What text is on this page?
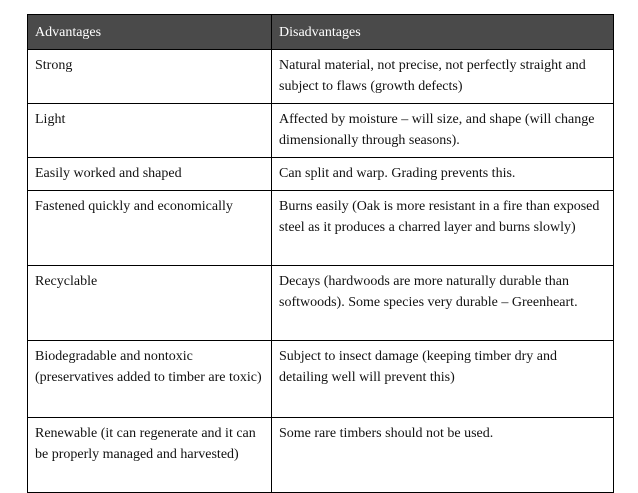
Advantages	Disadvantages
Strong	Natural material, not precise, not perfectly straight and subject to flaws (growth defects)
Light	Affected by moisture – will size, and shape (will change dimensionally through seasons).
Easily worked and shaped	Can split and warp. Grading prevents this.
Fastened quickly and economically	Burns easily (Oak is more resistant in a fire than exposed steel as it produces a charred layer and burns slowly)
Recyclable	Decays (hardwoods are more naturally durable than softwoods). Some species very durable – Greenheart.
Biodegradable and nontoxic (preservatives added to timber are toxic)	Subject to insect damage (keeping timber dry and detailing well will prevent this)
Renewable (it can regenerate and it can be properly managed and harvested)	Some rare timbers should not be used.
